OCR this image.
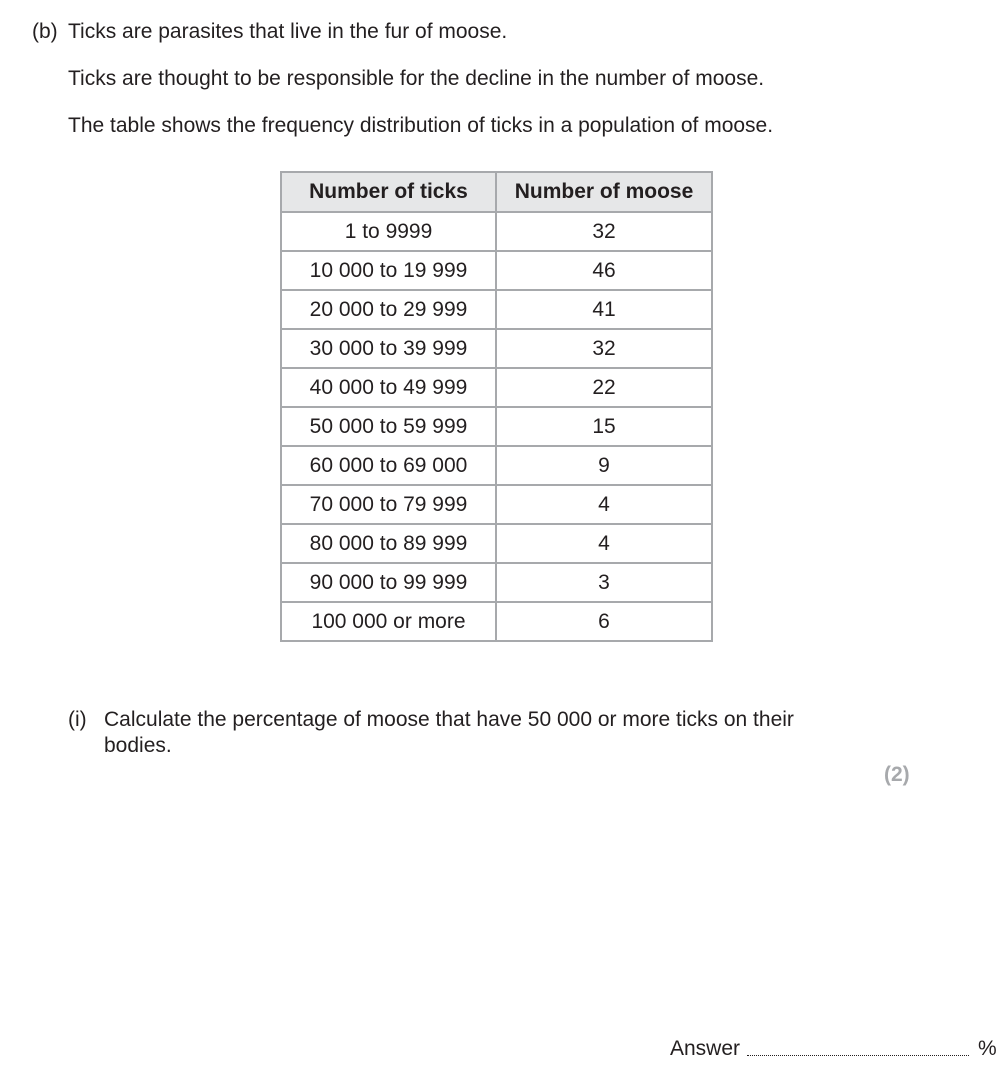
(b) Ticks are parasites that live in the fur of moose.
Ticks are thought to be responsible for the decline in the number of moose.
The table shows the frequency distribution of ticks in a population of moose.
Number of ticks	Number of moose
1 to 9999	32
10 000 to 19 999	46
20 000 to 29 999	41
30 000 to 39 999	32
40 000 to 49 999	22
50 000 to 59 999	15
60 000 to 69 000	9
70 000 to 79 999	4
80 000 to 89 999	4
90 000 to 99 999	3
100 000 or more	6
(i) Calculate the percentage of moose that have 50 000 or more ticks on their bodies.
(2)
Answer	%
